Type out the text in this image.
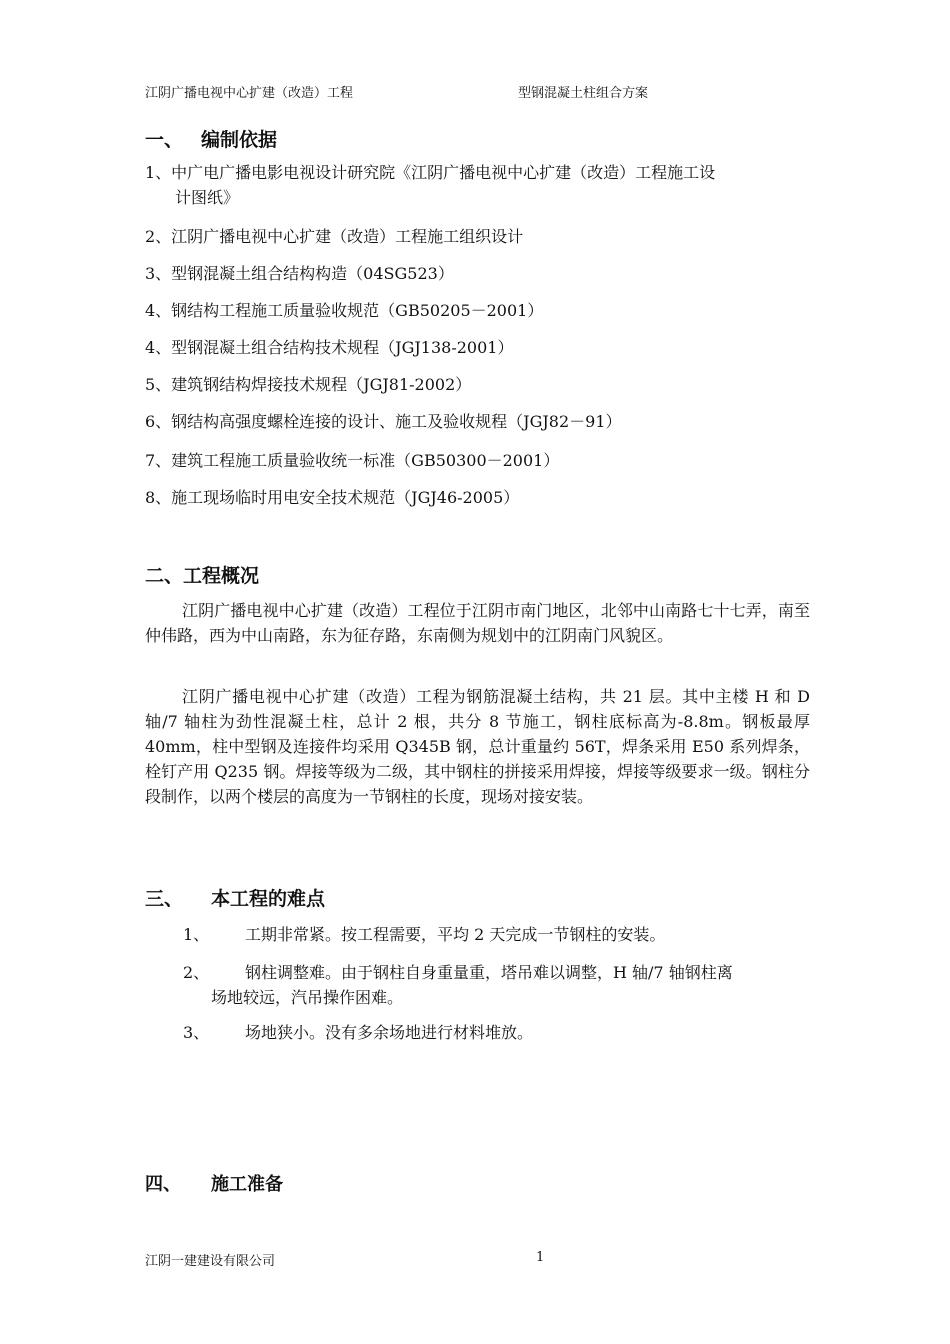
江阴广播电视中心扩建（改造）工程	型钢混凝土柱组合方案
一、 编制依据
1、中广电广播电影电视设计研究院《江阴广播电视中心扩建（改造）工程施工设
计图纸》
2、江阴广播电视中心扩建（改造）工程施工组织设计
3、型钢混凝土组合结构构造（04SG523）
4、钢结构工程施工质量验收规范（GB50205－2001）
4、型钢混凝土组合结构技术规程（JGJ138-2001）
5、建筑钢结构焊接技术规程（JGJ81-2002）
6、钢结构高强度螺栓连接的设计、施工及验收规程（JGJ82－91）
7、建筑工程施工质量验收统一标准（GB50300－2001）
8、施工现场临时用电安全技术规范（JGJ46-2005）
二、工程概况
江阴广播电视中心扩建（改造）工程位于江阴市南门地区，北邻中山南路七十七弄，南至仲伟路，西为中山南路，东为征存路，东南侧为规划中的江阴南门风貌区。
江阴广播电视中心扩建（改造）工程为钢筋混凝土结构，共 21 层。其中主楼 H 和 D 轴/7 轴柱为劲性混凝土柱，总计 2 根，共分 8 节施工，钢柱底标高为-8.8m。钢板最厚 40mm，柱中型钢及连接件均采用 Q345B 钢，总计重量约 56T，焊条采用 E50 系列焊条，栓钉产用 Q235 钢。焊接等级为二级，其中钢柱的拼接采用焊接，焊接等级要求一级。钢柱分段制作，以两个楼层的高度为一节钢柱的长度，现场对接安装。
三、 本工程的难点
1、 工期非常紧。按工程需要，平均 2 天完成一节钢柱的安装。
2、 钢柱调整难。由于钢柱自身重量重，塔吊难以调整，H 轴/7 轴钢柱离
场地较远，汽吊操作困难。
3、 场地狭小。没有多余场地进行材料堆放。
四、 施工准备
江阴一建建设有限公司	1
